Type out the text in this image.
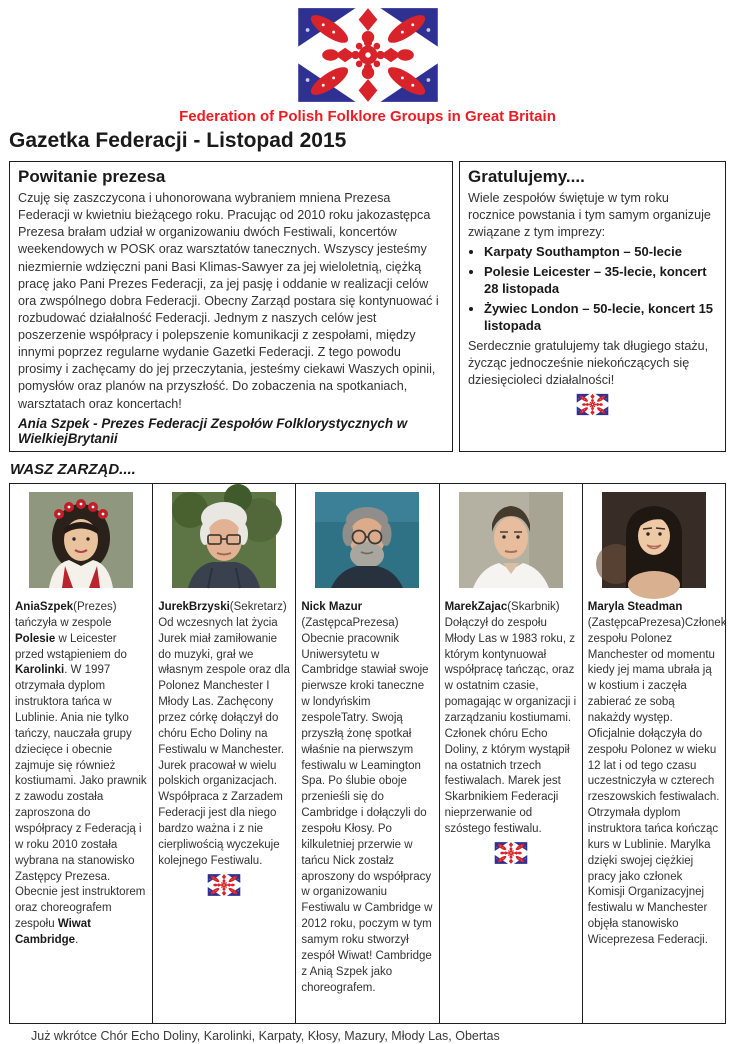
Federation of Polish Folklore Groups in Great Britain
Gazetka Federacji - Listopad 2015
Powitanie prezesa
Czuję się zaszczycona i uhonorowana wybraniem mniena Prezesa Federacji w kwietniu bieżącego roku. Pracując od 2010 roku jakozastępca Prezesa brałam udział w organizowaniu dwóch Festiwali, koncertów weekendowych w POSK oraz warsztatów tanecznych. Wszyscy jesteśmy niezmiernie wdzięczni pani Basi Klimas-Sawyer za jej wieloletnią, ciężką pracę jako Pani Prezes Federacji, za jej pasję i oddanie w realizacji celów ora zwspólnego dobra Federacji. Obecny Zarząd postara się kontynuować i rozbudować działalność Federacji. Jednym z naszych celów jest poszerzenie współpracy i polepszenie komunikacji z zespołami, między innymi poprzez regularne wydanie Gazetki Federacji. Z tego powodu prosimy i zachęcamy do jej przeczytania, jesteśmy ciekawi Waszych opinii, pomysłów oraz planów na przyszłość. Do zobaczenia na spotkaniach, warsztatach oraz koncertach!
Ania Szpek - Prezes Federacji Zespołów Folklorystycznych w WielkiejBrytanii
Gratulujemy....
Wiele zespołów świętuje w tym roku rocznice powstania i tym samym organizuje związane z tym imprezy:
• Karpaty Southampton – 50-lecie
• Polesie Leicester – 35-lecie, koncert 28 listopada
• Żywiec London – 50-lecie, koncert 15 listopada
Serdecznie gratulujemy tak długiego stażu, życząc jednocześnie niekończących się dziesięcioleci działalności!
WASZ ZARZĄD....
AniaSzpek(Prezes) tańczyła w zespole Polesie w Leicester przed wstąpieniem do Karolinki. W 1997 otrzymała dyplom instruktora tańca w Lublinie. Ania nie tylko tańczy, nauczała grupy dziecięce i obecnie zajmuje się również kostiumami. Jako prawnik z zawodu została zaproszona do współpracy z Federacją i w roku 2010 została wybrana na stanowisko Zastępcy Prezesa. Obecnie jest instruktorem oraz choreografem zespołu Wiwat Cambridge.

JurekBrzyski(Sekretarz) Od wczesnych lat życia Jurek miał zamiłowanie do muzyki, grał we własnym zespole oraz dla Polonez Manchester I Młody Las. Zachęcony przez córkę dołączył do chóru Echo Doliny na Festiwalu w Manchester. Jurek pracował w wielu polskich organizacjach. Współpraca z Zarzadem Federacji jest dla niego bardzo ważna i z nie cierpliwością wyczekuje kolejnego Festiwalu.

Nick Mazur (ZastępcaPrezesa) Obecnie pracownik Uniwersytetu w Cambridge stawiał swoje pierwsze kroki taneczne w londyńskim zespoleTatry. Swoją przyszłą żonę spotkał właśnie na pierwszym festiwalu w Leamington Spa. Po ślubie oboje przenieśli się do Cambridge i dołączyli do zespołu Kłosy. Po kilkuletniej przerwie w tańcu Nick zostałz aproszony do współpracy w organizowaniu Festiwalu w Cambridge w 2012 roku, poczym w tym samym roku stworzył zespół Wiwat! Cambridge z Anią Szpek jako choreografem.

MarekZajac(Skarbnik) Dołączył do zespołu Młody Las w 1983 roku, z którym kontynuował współpracę tańcząc, oraz w ostatnim czasie, pomagając w organizacji i zarządzaniu kostiumami. Członek chóru Echo Doliny, z którym wystąpił na ostatnich trzech festiwalach. Marek jest Skarbnikiem Federacji nieprzerwanie od szóstego festiwalu.

Maryla Steadman (ZastępcaPrezesa)Członek zespołu Polonez Manchester od momentu kiedy jej mama ubrała ją w kostium i zaczęła zabierać ze sobą nakażdy występ. Oficjalnie dołączyła do zespołu Polonez w wieku 12 lat i od tego czasu uczestniczyła w czterech rzeszowskich festiwalach. Otrzymała dyplom instruktora tańca kończąc kurs w Lublinie. Marylka dzięki swojej ciężkiej pracy jako członek Komisji Organizacyjnej festiwalu w Manchester objęła stanowisko Wiceprezesa Federacji.
Już wkrótce Chór Echo Doliny, Karolinki, Karpaty, Kłosy, Mazury, Młody Las, Obertas
